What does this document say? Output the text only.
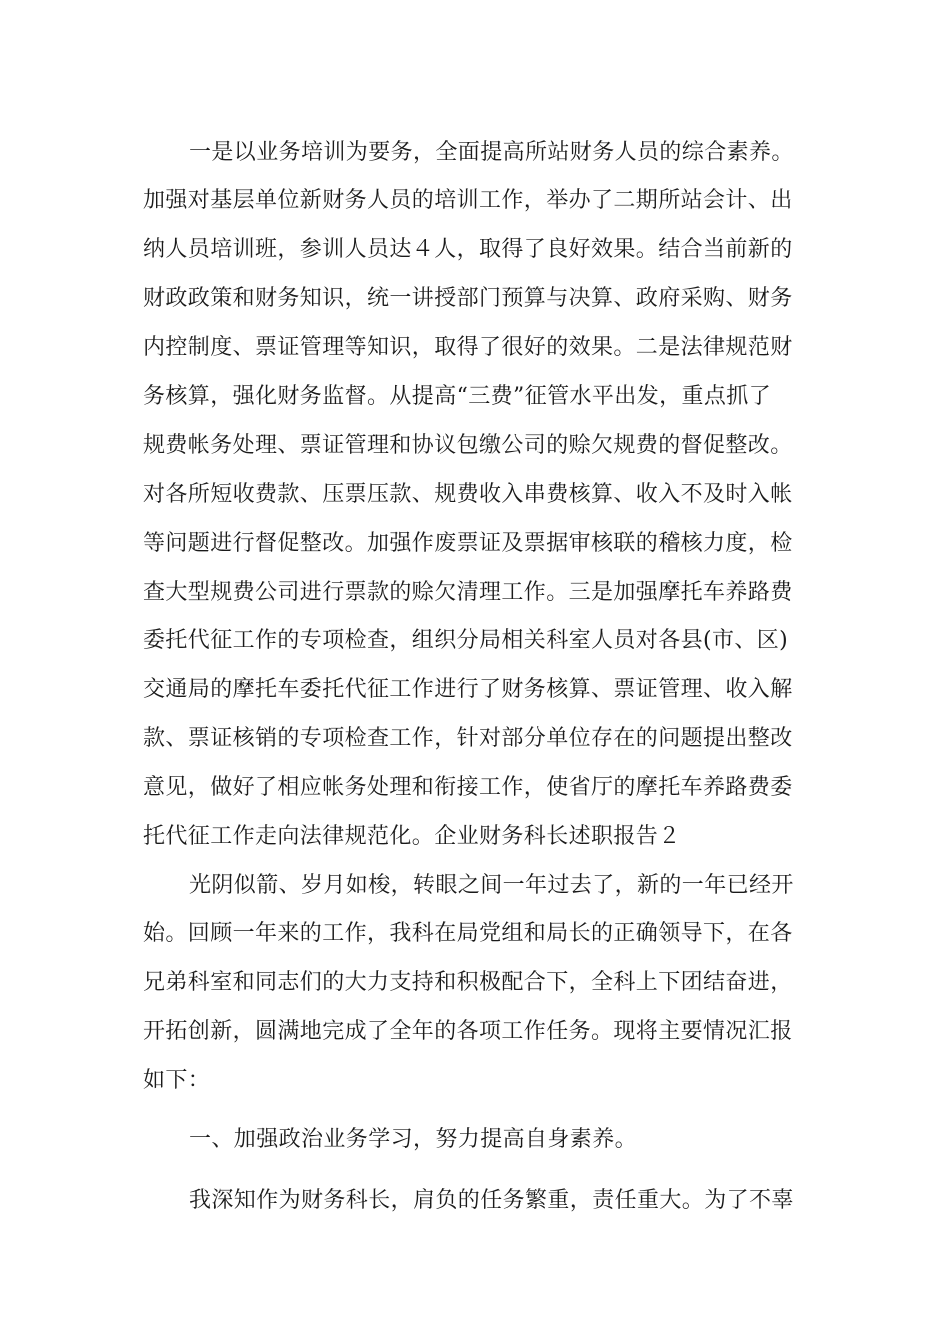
一是以业务培训为要务，全面提高所站财务人员的综合素养。
加强对基层单位新财务人员的培训工作，举办了二期所站会计、出
纳人员培训班，参训人员达４人，取得了良好效果。结合当前新的
财政政策和财务知识，统一讲授部门预算与决算、政府采购、财务
内控制度、票证管理等知识，取得了很好的效果。二是法律规范财
务核算，强化财务监督。从提高“三费”征管水平出发，重点抓了
规费帐务处理、票证管理和协议包缴公司的赊欠规费的督促整改。
对各所短收费款、压票压款、规费收入串费核算、收入不及时入帐
等问题进行督促整改。加强作废票证及票据审核联的稽核力度，检
查大型规费公司进行票款的赊欠清理工作。三是加强摩托车养路费
委托代征工作的专项检查，组织分局相关科室人员对各县(市、区)
交通局的摩托车委托代征工作进行了财务核算、票证管理、收入解
款、票证核销的专项检查工作，针对部分单位存在的问题提出整改
意见，做好了相应帐务处理和衔接工作，使省厅的摩托车养路费委
托代征工作走向法律规范化。企业财务科长述职报告２
光阴似箭、岁月如梭，转眼之间一年过去了，新的一年已经开
始。回顾一年来的工作，我科在局党组和局长的正确领导下，在各
兄弟科室和同志们的大力支持和积极配合下，全科上下团结奋进，
开拓创新，圆满地完成了全年的各项工作任务。现将主要情况汇报
如下：
一、加强政治业务学习，努力提高自身素养。
我深知作为财务科长，肩负的任务繁重，责任重大。为了不辜
